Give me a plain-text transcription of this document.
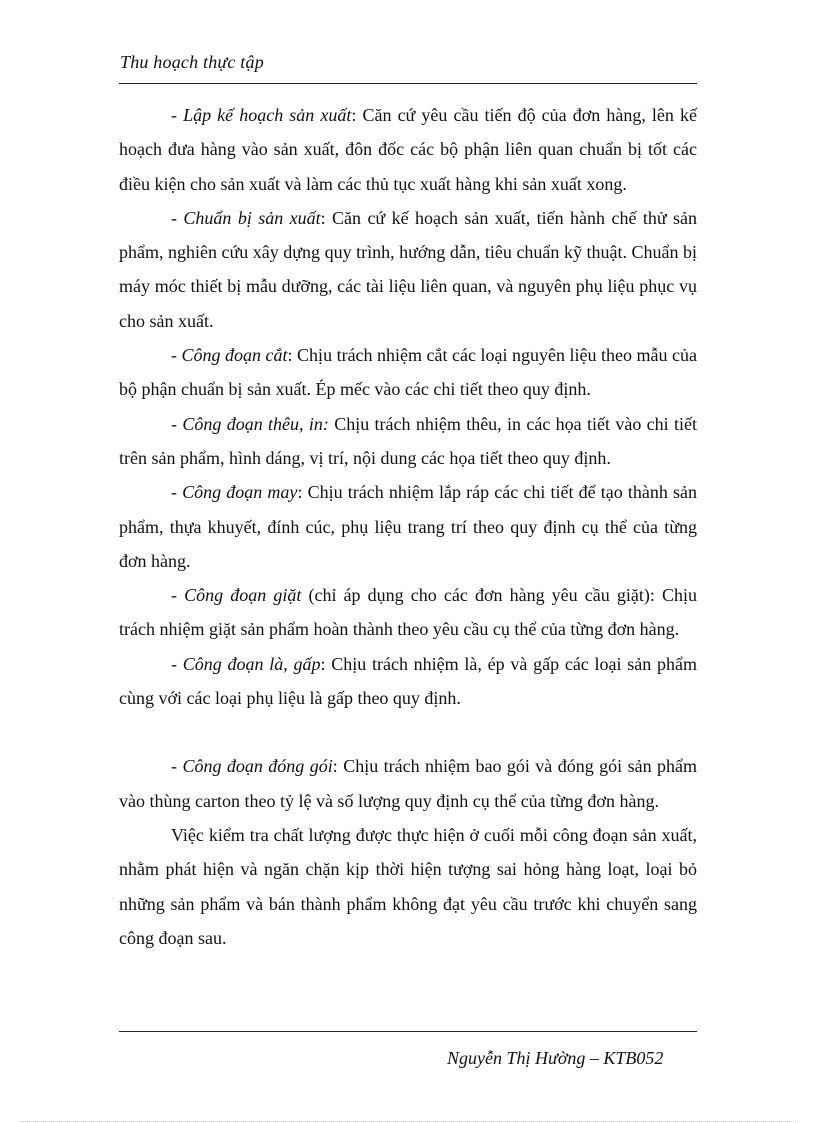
Thu hoạch thực tập

- Lập kế hoạch sản xuất: Căn cứ yêu cầu tiến độ của đơn hàng, lên kế hoạch đưa hàng vào sản xuất, đôn đốc các bộ phận liên quan chuẩn bị tốt các điều kiện cho sản xuất và làm các thủ tục xuất hàng khi sản xuất xong.

- Chuẩn bị sản xuất: Căn cứ kế hoạch sản xuất, tiến hành chế thử sản phẩm, nghiên cứu xây dựng quy trình, hướng dẫn, tiêu chuẩn kỹ thuật. Chuẩn bị máy móc thiết bị mẫu dưỡng, các tài liệu liên quan, và nguyên phụ liệu phục vụ cho sản xuất.

- Công đoạn cắt: Chịu trách nhiệm cắt các loại nguyên liệu theo mẫu của bộ phận chuẩn bị sản xuất. Ép mếc vào các chi tiết theo quy định.

- Công đoạn thêu, in: Chịu trách nhiệm thêu, in các họa tiết vào chi tiết trên sản phẩm, hình dáng, vị trí, nội dung các họa tiết theo quy định.

- Công đoạn may: Chịu trách nhiệm lắp ráp các chi tiết để tạo thành sản phẩm, thựa khuyết, đính cúc, phụ liệu trang trí theo quy định cụ thể của từng đơn hàng.

- Công đoạn giặt (chỉ áp dụng cho các đơn hàng yêu cầu giặt): Chịu trách nhiệm giặt sản phẩm hoàn thành theo yêu cầu cụ thể của từng đơn hàng.

- Công đoạn là, gấp: Chịu trách nhiệm là, ép và gấp các loại sản phẩm cùng với các loại phụ liệu là gấp theo quy định.

- Công đoạn đóng gói: Chịu trách nhiệm bao gói và đóng gói sản phẩm vào thùng carton theo tỷ lệ và số lượng quy định cụ thể của từng đơn hàng.

Việc kiểm tra chất lượng được thực hiện ở cuối mỗi công đoạn sản xuất, nhằm phát hiện và ngăn chặn kịp thời hiện tượng sai hỏng hàng loạt, loại bỏ những sản phẩm và bán thành phẩm không đạt yêu cầu trước khi chuyển sang công đoạn sau.

Nguyễn Thị Hường – KTB052
